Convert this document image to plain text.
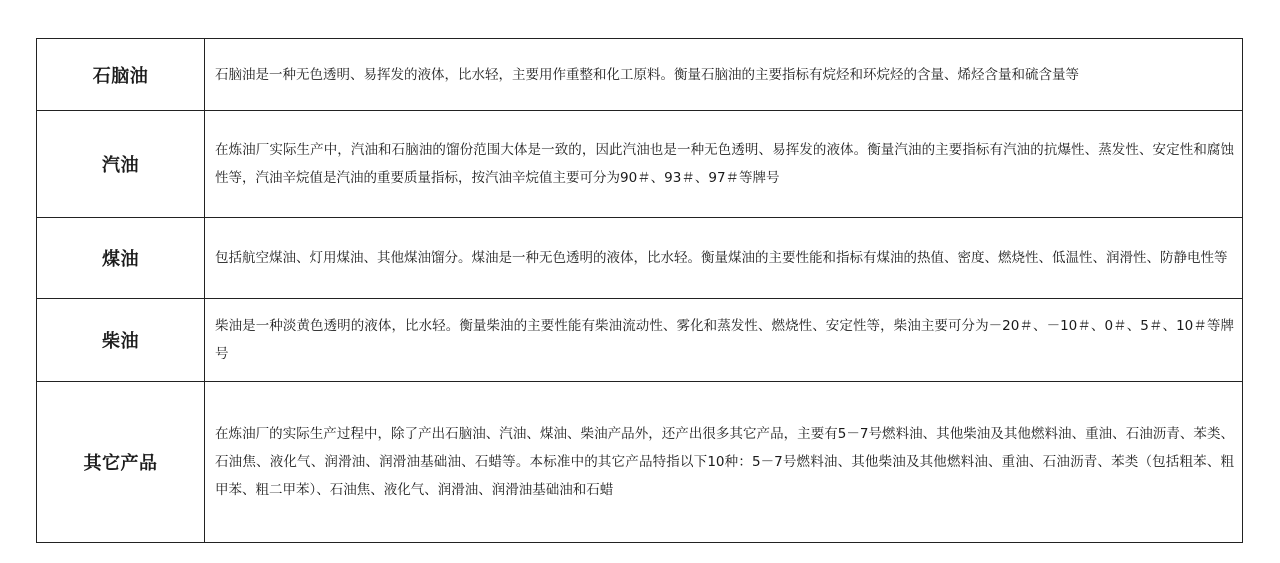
石脑油	石脑油是一种无色透明、易挥发的液体，比水轻，主要用作重整和化工原料。衡量石脑油的主要指标有烷烃和环烷烃的含量、烯烃含量和硫含量等
汽油	在炼油厂实际生产中，汽油和石脑油的馏份范围大体是一致的，因此汽油也是一种无色透明、易挥发的液体。衡量汽油的主要指标有汽油的抗爆性、蒸发性、安定性和腐蚀性等，汽油辛烷值是汽油的重要质量指标，按汽油辛烷值主要可分为90＃、93＃、97＃等牌号
煤油	包括航空煤油、灯用煤油、其他煤油馏分。煤油是一种无色透明的液体，比水轻。衡量煤油的主要性能和指标有煤油的热值、密度、燃烧性、低温性、润滑性、防静电性等
柴油	柴油是一种淡黄色透明的液体，比水轻。衡量柴油的主要性能有柴油流动性、雾化和蒸发性、燃烧性、安定性等，柴油主要可分为－20＃、－10＃、0＃、5＃、10＃等牌号
其它产品	在炼油厂的实际生产过程中，除了产出石脑油、汽油、煤油、柴油产品外，还产出很多其它产品，主要有5－7号燃料油、其他柴油及其他燃料油、重油、石油沥青、苯类、石油焦、液化气、润滑油、润滑油基础油、石蜡等。本标准中的其它产品特指以下10种：5－7号燃料油、其他柴油及其他燃料油、重油、石油沥青、苯类（包括粗苯、粗甲苯、粗二甲苯）、石油焦、液化气、润滑油、润滑油基础油和石蜡
